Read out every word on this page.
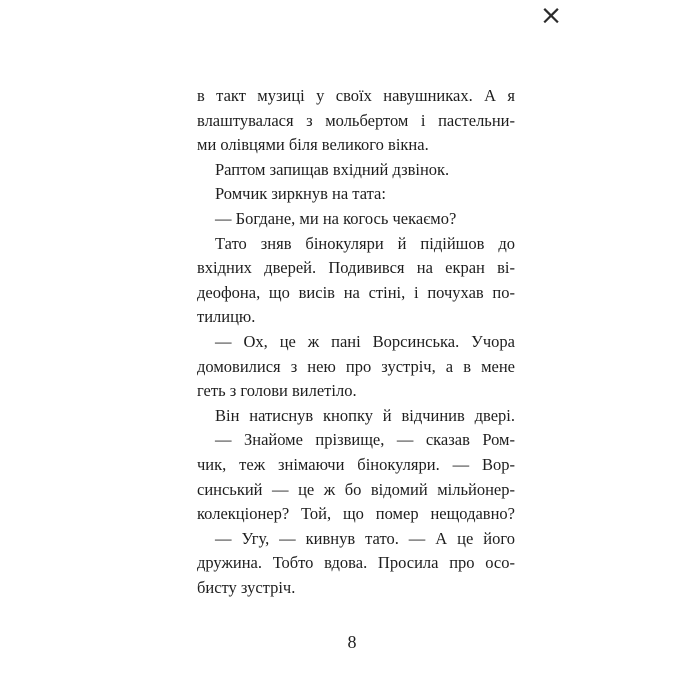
×
в такт музиці у своїх навушниках. А я
влаштувалася з мольбертом і пастельни-
ми олівцями біля великого вікна.
Раптом запищав вхідний дзвінок.
Ромчик зиркнув на тата:
— Богдане, ми на когось чекаємо?
Тато зняв бінокуляри й підійшов до
вхідних дверей. Подивився на екран ві-
деофона, що висів на стіні, і почухав по-
тилицю.
— Ох, це ж пані Ворсинська. Учора
домовилися з нею про зустріч, а в мене
геть з голови вилетіло.
Він натиснув кнопку й відчинив двері.
— Знайоме прізвище, — сказав Ром-
чик, теж знімаючи бінокуляри. — Вор-
синський — це ж бо відомий мільйонер-
колекціонер? Той, що помер нещодавно?
— Угу, — кивнув тато. — А це його
дружина. Тобто вдова. Просила про осо-
бисту зустріч.
8
